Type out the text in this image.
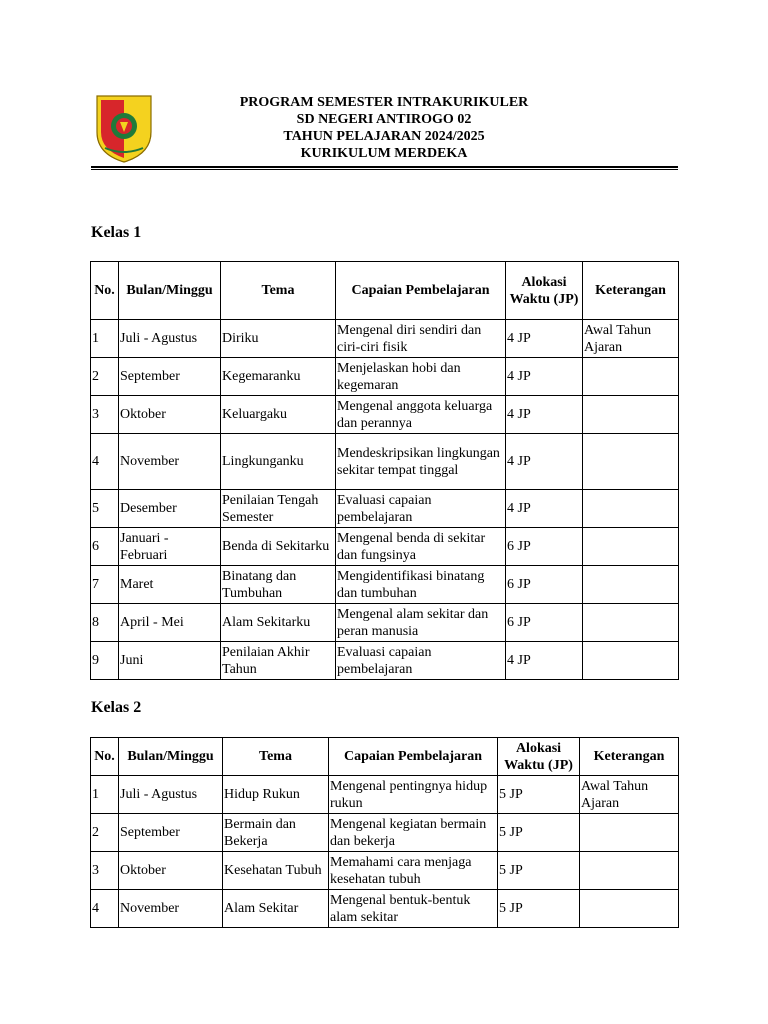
PROGRAM SEMESTER INTRAKURIKULER
SD NEGERI ANTIROGO 02
TAHUN PELAJARAN 2024/2025
KURIKULUM MERDEKA
Kelas 1
No.	Bulan/Minggu	Tema	Capaian Pembelajaran	Alokasi Waktu (JP)	Keterangan
1	Juli - Agustus	Diriku	Mengenal diri sendiri dan ciri-ciri fisik	4 JP	Awal Tahun Ajaran
2	September	Kegemaranku	Menjelaskan hobi dan kegemaran	4 JP	
3	Oktober	Keluargaku	Mengenal anggota keluarga dan perannya	4 JP	
4	November	Lingkunganku	Mendeskripsikan lingkungan sekitar tempat tinggal	4 JP	
5	Desember	Penilaian Tengah Semester	Evaluasi capaian pembelajaran	4 JP	
6	Januari - Februari	Benda di Sekitarku	Mengenal benda di sekitar dan fungsinya	6 JP	
7	Maret	Binatang dan Tumbuhan	Mengidentifikasi binatang dan tumbuhan	6 JP	
8	April - Mei	Alam Sekitarku	Mengenal alam sekitar dan peran manusia	6 JP	
9	Juni	Penilaian Akhir Tahun	Evaluasi capaian pembelajaran	4 JP	
Kelas 2
No.	Bulan/Minggu	Tema	Capaian Pembelajaran	Alokasi Waktu (JP)	Keterangan
1	Juli - Agustus	Hidup Rukun	Mengenal pentingnya hidup rukun	5 JP	Awal Tahun Ajaran
2	September	Bermain dan Bekerja	Mengenal kegiatan bermain dan bekerja	5 JP	
3	Oktober	Kesehatan Tubuh	Memahami cara menjaga kesehatan tubuh	5 JP	
4	November	Alam Sekitar	Mengenal bentuk-bentuk alam sekitar	5 JP	
